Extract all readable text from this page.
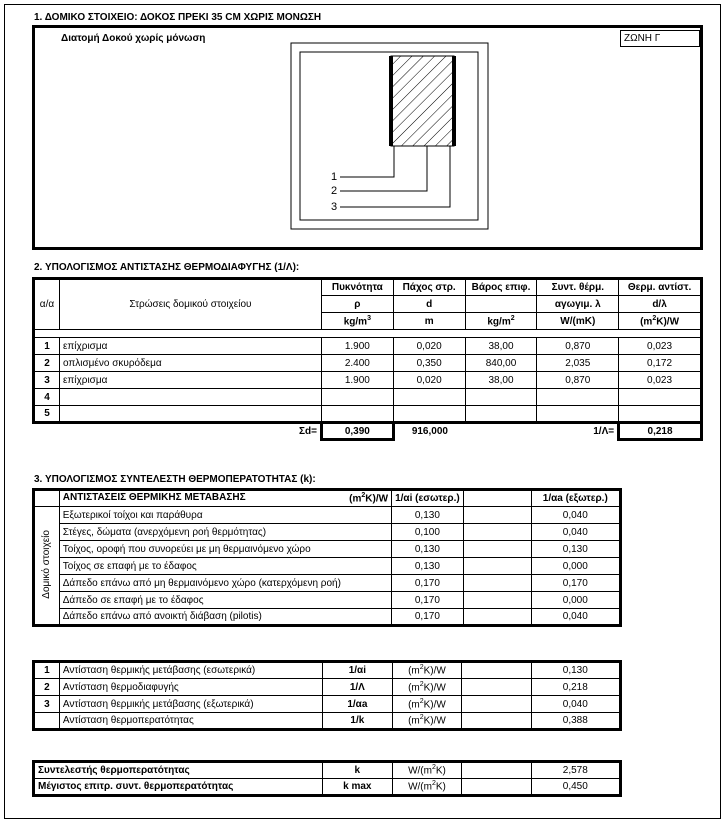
1. ΔΟΜΙΚΟ ΣΤΟΙΧΕΙΟ: ΔΟΚΟΣ ΠΡΕΚΙ 35 CM ΧΩΡΙΣ ΜΟΝΩΣΗ
Διατομή Δοκού χωρίς μόνωση	ΖΩΝΗ Γ
1
2
3
2. ΥΠΟΛΟΓΙΣΜΟΣ ΑΝΤΙΣΤΑΣΗΣ ΘΕΡΜΟΔΙΑΦΥΓΗΣ (1/Λ):
α/α	Στρώσεις δομικού στοιχείου	Πυκνότητα	Πάχος στρ.	Βάρος επιφ.	Συντ. θέρμ.	Θερμ. αντίστ.
		ρ	d		αγωγιμ. λ	d/λ
		$kg/m^3$	m	$kg/m^2$	W/(mK)	$(m^2K)/W$

1	επίχρισμα	1.900	0,020	38,00	0,870	0,023
2	οπλισμένο σκυρόδεμα	2.400	0,350	840,00	2,035	0,172
3	επίχρισμα	1.900	0,020	38,00	0,870	0,023
4						
5						
Σd=		0,390	916,000		1/Λ=	0,218
3. ΥΠΟΛΟΓΙΣΜΟΣ ΣΥΝΤΕΛΕΣΤΗ ΘΕΡΜΟΠΕΡΑΤΟΤΗΤΑΣ (k):
	ΑΝΤΙΣΤΑΣΕΙΣ ΘΕΡΜΙΚΗΣ ΜΕΤΑΒΑΣΗΣ $(m^2K)/W$	1/αi (εσωτερ.)		1/αa (εξωτερ.)
Δομικό στοιχείο	Εξωτερικοί τοίχοι και παράθυρα	0,130		0,040
	Στέγες, δώματα (ανερχόμενη ροή θερμότητας)	0,100		0,040
	Τοίχος, οροφή που συνορεύει με μη θερμαινόμενο χώρο	0,130		0,130
	Τοίχος σε επαφή με το έδαφος	0,130		0,000
	Δάπεδο επάνω από μη θερμαινόμενο χώρο (κατερχόμενη ροή)	0,170		0,170
	Δάπεδο σε επαφή με το έδαφος	0,170		0,000
	Δάπεδο επάνω από ανοικτή διάβαση (pilotis)	0,170		0,040
1	Αντίσταση θερμικής μετάβασης (εσωτερικά)	1/αi	$(m^2K)/W$		0,130
2	Αντίσταση θερμοδιαφυγής	1/Λ	$(m^2K)/W$		0,218
3	Αντίσταση θερμικής μετάβασης (εξωτερικά)	1/αa	$(m^2K)/W$		0,040
	Αντίσταση θερμοπερατότητας	1/k	$(m^2K)/W$		0,388
Συντελεστής θερμοπερατότητας	k	$W/(m^2K)$		2,578
Μέγιστος επιτρ. συντ. θερμοπερατότητας	k max	$W/(m^2K)$		0,450
